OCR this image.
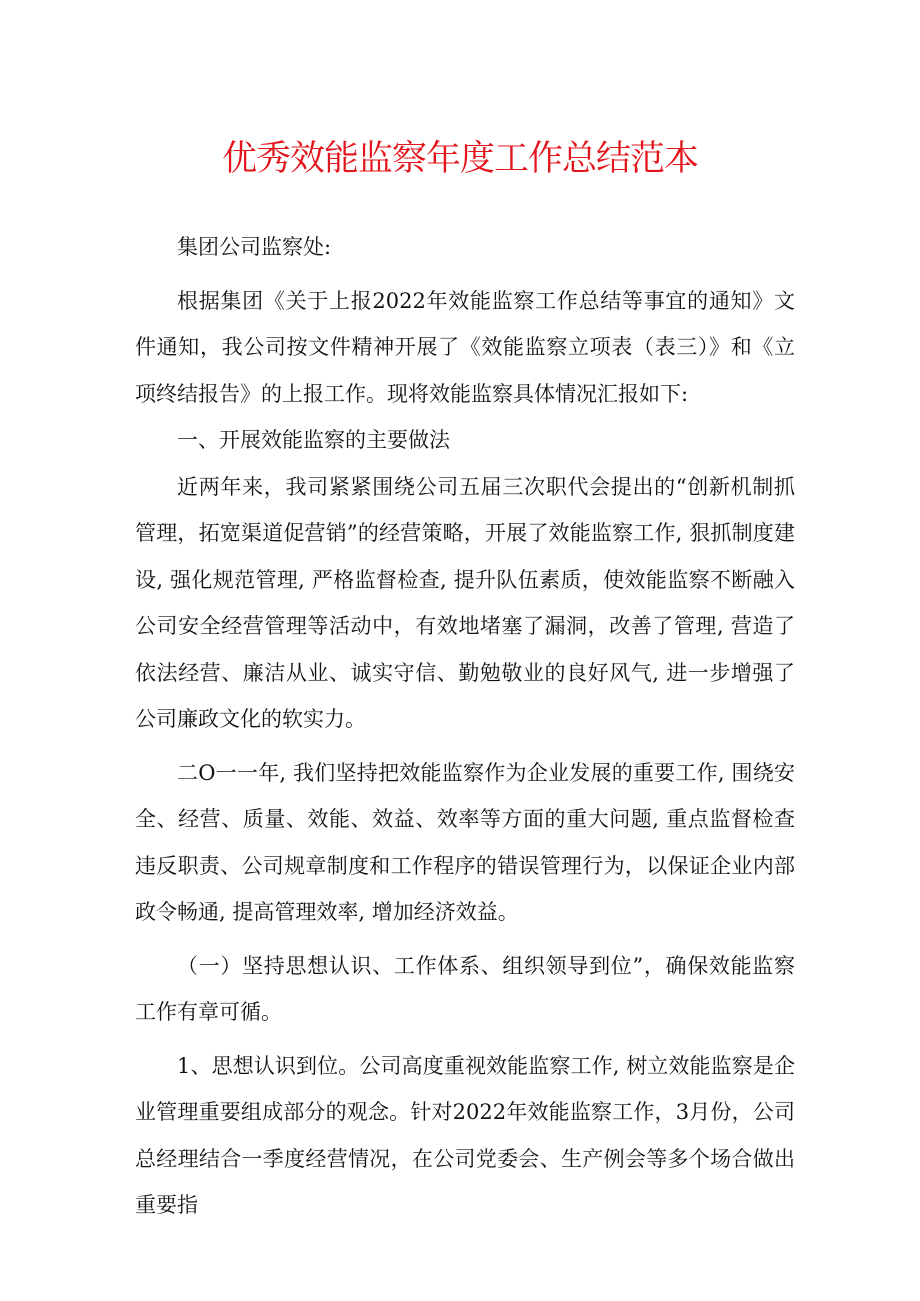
优秀效能监察年度工作总结范本

集团公司监察处:

根据集团《关于上报2022年效能监察工作总结等事宜的通知》文件通知，我公司按文件精神开展了《效能监察立项表（表三）》和《立项终结报告》的上报工作。现将效能监察具体情况汇报如下:

一、开展效能监察的主要做法

近两年来，我司紧紧围绕公司五届三次职代会提出的“创新机制抓管理，拓宽渠道促营销”的经营策略，开展了效能监察工作, 狠抓制度建设, 强化规范管理, 严格监督检查, 提升队伍素质，使效能监察不断融入公司安全经营管理等活动中，有效地堵塞了漏洞，改善了管理, 营造了依法经营、廉洁从业、诚实守信、勤勉敬业的良好风气, 进一步增强了公司廉政文化的软实力。

二O一一年, 我们坚持把效能监察作为企业发展的重要工作, 围绕安全、经营、质量、效能、效益、效率等方面的重大问题, 重点监督检查违反职责、公司规章制度和工作程序的错误管理行为，以保证企业内部政令畅通, 提高管理效率, 增加经济效益。

（一）坚持思想认识、工作体系、组织领导到位”，确保效能监察工作有章可循。

1、思想认识到位。公司高度重视效能监察工作, 树立效能监察是企业管理重要组成部分的观念。针对2022年效能监察工作，3月份，公司总经理结合一季度经营情况，在公司党委会、生产例会等多个场合做出重要指
